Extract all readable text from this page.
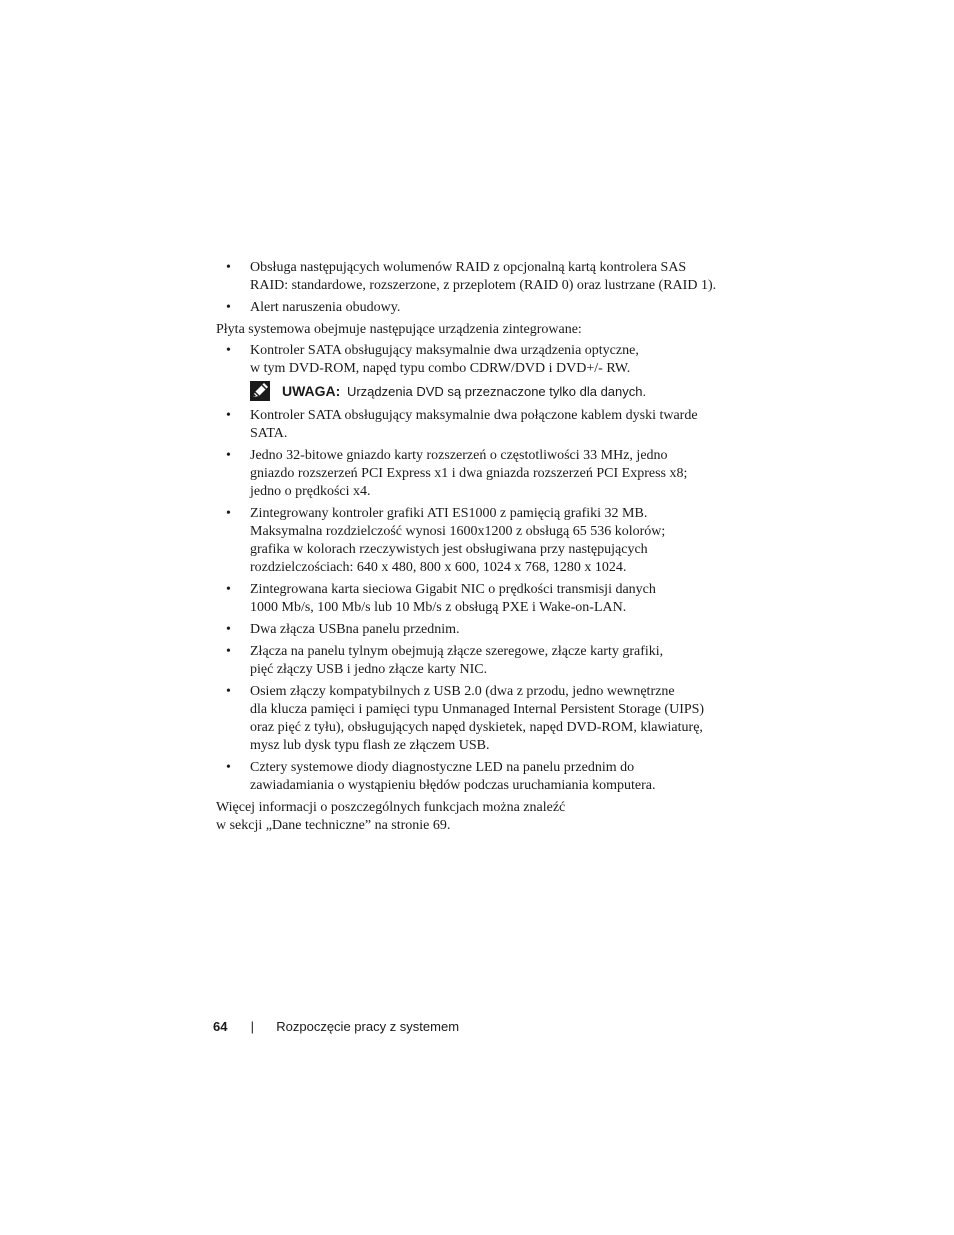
• Obsługa następujących wolumenów RAID z opcjonalną kartą kontrolera SAS
RAID: standardowe, rozszerzone, z przeplotem (RAID 0) oraz lustrzane (RAID 1).
• Alert naruszenia obudowy.

Płyta systemowa obejmuje następujące urządzenia zintegrowane:

• Kontroler SATA obsługujący maksymalnie dwa urządzenia optyczne,
w tym DVD-ROM, napęd typu combo CDRW/DVD i DVD+/- RW.
UWAGA: Urządzenia DVD są przeznaczone tylko dla danych.
• Kontroler SATA obsługujący maksymalnie dwa połączone kablem dyski twarde
SATA.
• Jedno 32-bitowe gniazdo karty rozszerzeń o częstotliwości 33 MHz, jedno
gniazdo rozszerzeń PCI Express x1 i dwa gniazda rozszerzeń PCI Express x8;
jedno o prędkości x4.
• Zintegrowany kontroler grafiki ATI ES1000 z pamięcią grafiki 32 MB.
Maksymalna rozdzielczość wynosi 1600x1200 z obsługą 65 536 kolorów;
grafika w kolorach rzeczywistych jest obsługiwana przy następujących
rozdzielczościach: 640 x 480, 800 x 600, 1024 x 768, 1280 x 1024.
• Zintegrowana karta sieciowa Gigabit NIC o prędkości transmisji danych
1000 Mb/s, 100 Mb/s lub 10 Mb/s z obsługą PXE i Wake-on-LAN.
• Dwa złącza USBna panelu przednim.
• Złącza na panelu tylnym obejmują złącze szeregowe, złącze karty grafiki,
pięć złączy USB i jedno złącze karty NIC.
• Osiem złączy kompatybilnych z USB 2.0 (dwa z przodu, jedno wewnętrzne
dla klucza pamięci i pamięci typu Unmanaged Internal Persistent Storage (UIPS)
oraz pięć z tyłu), obsługujących napęd dyskietek, napęd DVD-ROM, klawiaturę,
mysz lub dysk typu flash ze złączem USB.
• Cztery systemowe diody diagnostyczne LED na panelu przednim do
zawiadamiania o wystąpieniu błędów podczas uruchamiania komputera.

Więcej informacji o poszczególnych funkcjach można znaleźć
w sekcji „Dane techniczne” na stronie 69.

64 | Rozpoczęcie pracy z systemem
